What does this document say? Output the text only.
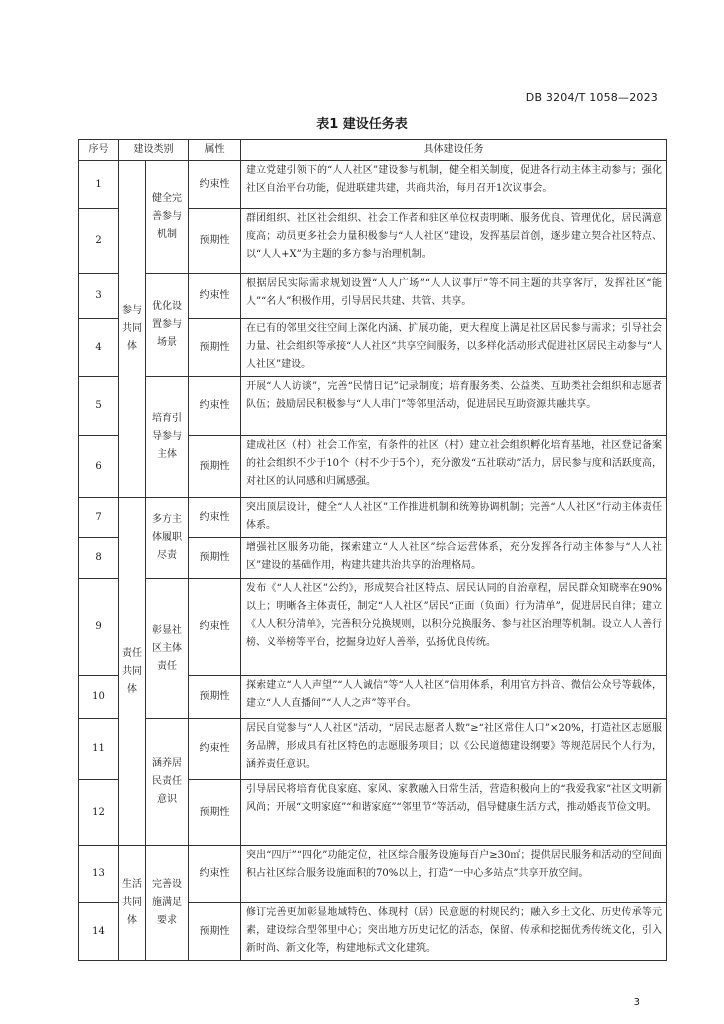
DB 3204/T 1058—2023
表1 建设任务表
序号	建设类别		属性	具体建设任务
1	参与共同体	健全完善参与机制	约束性	建立党建引领下的“人人社区”建设参与机制，健全相关制度，促进各行动主体主动参与；强化社区自治平台功能，促进联建共建，共商共治，每月召开1次议事会。
2			预期性	群团组织、社区社会组织、社会工作者和驻区单位权责明晰、服务优良、管理优化，居民满意度高；动员更多社会力量积极参与“人人社区”建设，发挥基层首创，逐步建立契合社区特点、以“人人+X”为主题的多方参与治理机制。
3		优化设置参与场景	约束性	根据居民实际需求规划设置“人人广场”“人人议事厅”等不同主题的共享客厅，发挥社区“能人”“名人”积极作用，引导居民共建、共管、共享。
4			预期性	在已有的邻里交往空间上深化内涵、扩展功能，更大程度上满足社区居民参与需求；引导社会力量、社会组织等承接“人人社区”共享空间服务，以多样化活动形式促进社区居民主动参与“人人社区”建设。
5		培育引导参与主体	约束性	开展“人人访谈”，完善“民情日记”记录制度；培育服务类、公益类、互助类社会组织和志愿者队伍；鼓励居民积极参与“人人串门”等邻里活动，促进居民互助资源共融共享。
6			预期性	建成社区（村）社会工作室，有条件的社区（村）建立社会组织孵化培育基地，社区登记备案的社会组织不少于10个（村不少于5个），充分激发“五社联动”活力，居民参与度和活跃度高，对社区的认同感和归属感强。
7	责任共同体	多方主体履职尽责	约束性	突出顶层设计，健全“人人社区”工作推进机制和统筹协调机制；完善“人人社区”行动主体责任体系。
8			预期性	增强社区服务功能，探索建立“人人社区”综合运营体系，充分发挥各行动主体参与“人人社区”建设的基础作用，构建共建共治共享的治理格局。
9		彰显社区主体责任	约束性	发布《“人人社区”公约》，形成契合社区特点、居民认同的自治章程，居民群众知晓率在90%以上；明晰各主体责任，制定“人人社区”居民“正面（负面）行为清单”，促进居民自律；建立《人人积分清单》，完善积分兑换规则，以积分兑换服务、参与社区治理等机制。设立人人善行榜、义举榜等平台，挖掘身边好人善举，弘扬优良传统。
10			预期性	探索建立“人人声望”“人人诚信”等“人人社区”信用体系，利用官方抖音、微信公众号等载体，建立“人人直播间”“人人之声”等平台。
11		涵养居民责任意识	约束性	居民自觉参与“人人社区”活动，“居民志愿者人数”≥“社区常住人口”×20%，打造社区志愿服务品牌，形成具有社区特色的志愿服务项目；以《公民道德建设纲要》等规范居民个人行为，涵养责任意识。
12			预期性	引导居民将培育优良家庭、家风、家教融入日常生活，营造积极向上的“我爱我家”社区文明新风尚；开展“文明家庭”“和谐家庭”“邻里节”等活动，倡导健康生活方式，推动婚丧节俭文明。
13	生活共同体	完善设施满足要求	约束性	突出“四厅”“四化”功能定位，社区综合服务设施每百户≥30㎡；提供居民服务和活动的空间面积占社区综合服务设施面积的70%以上，打造“一中心多站点”共享开放空间。
14			预期性	修订完善更加彰显地域特色、体现村（居）民意愿的村规民约；融入乡土文化、历史传承等元素，建设综合型邻里中心；突出地方历史记忆的活态，保留、传承和挖掘优秀传统文化，引入新时尚、新文化等，构建地标式文化建筑。
3
